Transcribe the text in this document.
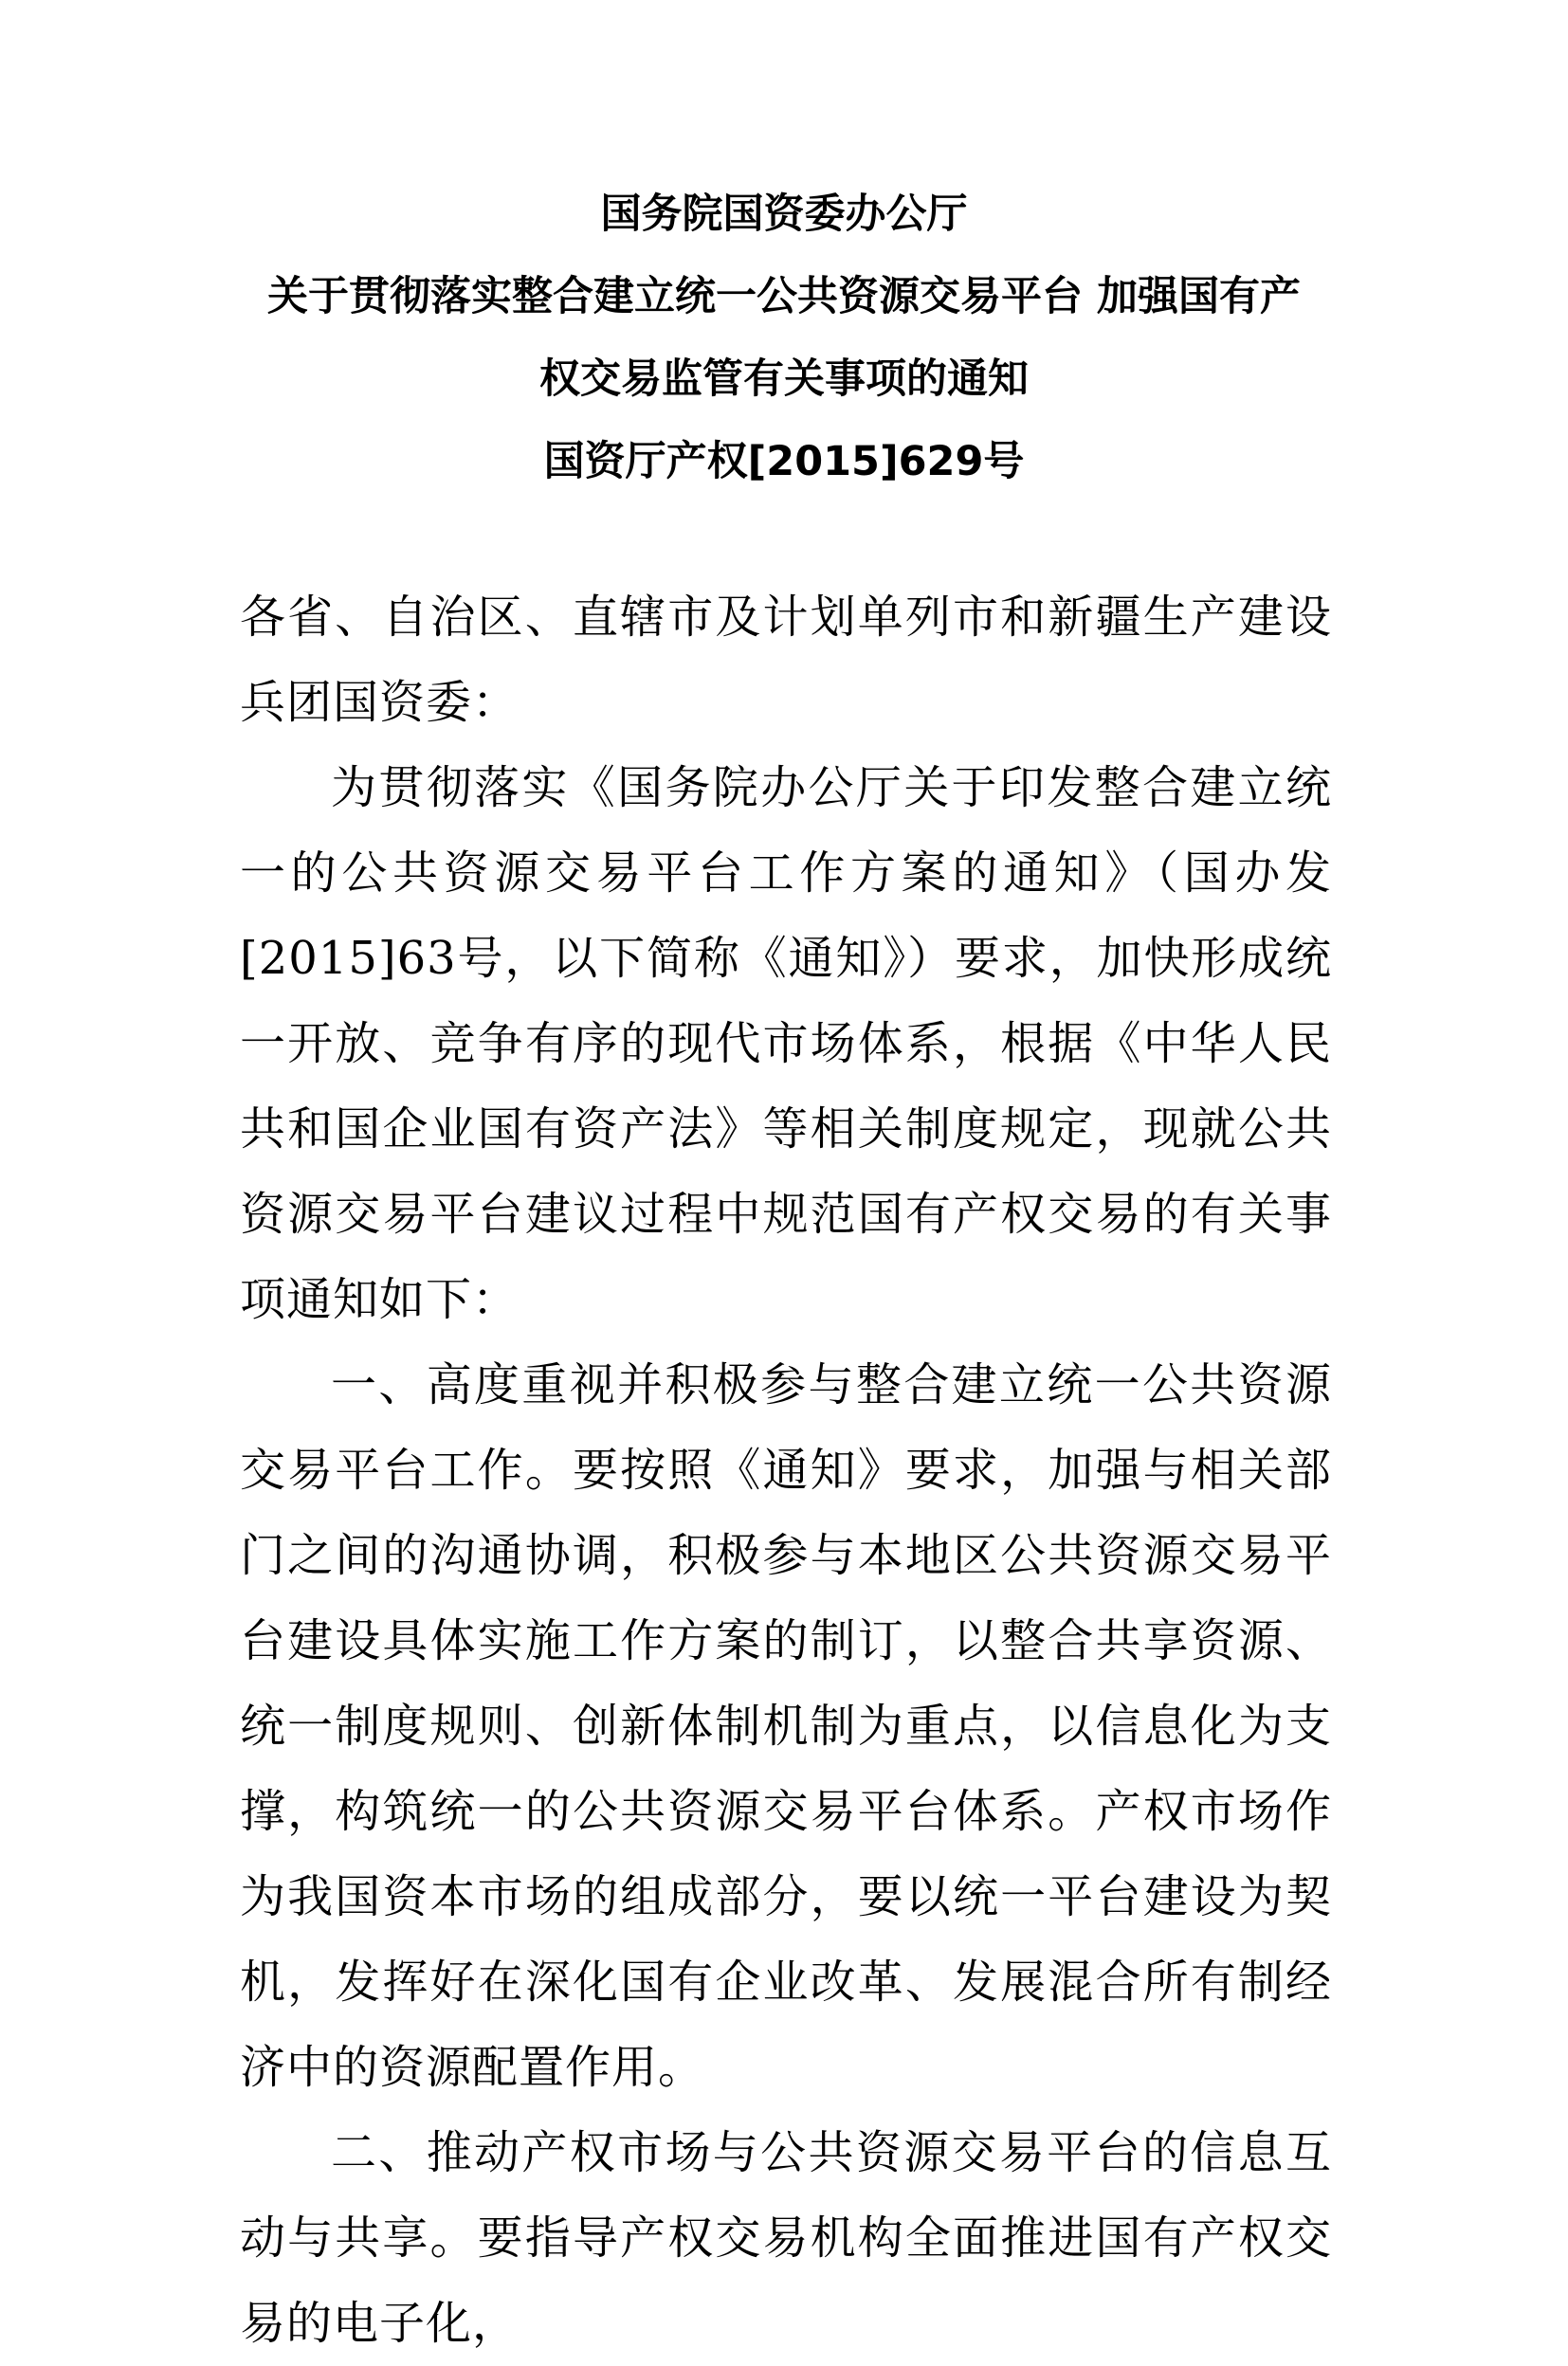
国务院国资委办公厅
关于贯彻落实整合建立统一公共资源交易平台 加强国有产
权交易监管有关事项的通知
国资厅产权[2015]629号

各省、自治区、直辖市及计划单列市和新疆生产建设兵团国资委：

为贯彻落实《国务院办公厅关于印发整合建立统一的公共资源交易平台工作方案的通知》（国办发[2015]63号，以下简称《通知》）要求，加快形成统一开放、竞争有序的现代市场体系，根据《中华人民共和国企业国有资产法》等相关制度规定，现就公共资源交易平台建议过程中规范国有产权交易的有关事项通知如下：

一、高度重视并积极参与整合建立统一公共资源交易平台工作。要按照《通知》要求，加强与相关部门之间的沟通协调，积极参与本地区公共资源交易平台建设具体实施工作方案的制订，以整合共享资源、统一制度规则、创新体制机制为重点，以信息化为支撑，构筑统一的公共资源交易平台体系。产权市场作为我国资本市场的组成部分，要以统一平台建设为契机，发挥好在深化国有企业改革、发展混合所有制经济中的资源配置作用。

二、推动产权市场与公共资源交易平台的信息互动与共享。要指导产权交易机构全面推进国有产权交易的电子化，
